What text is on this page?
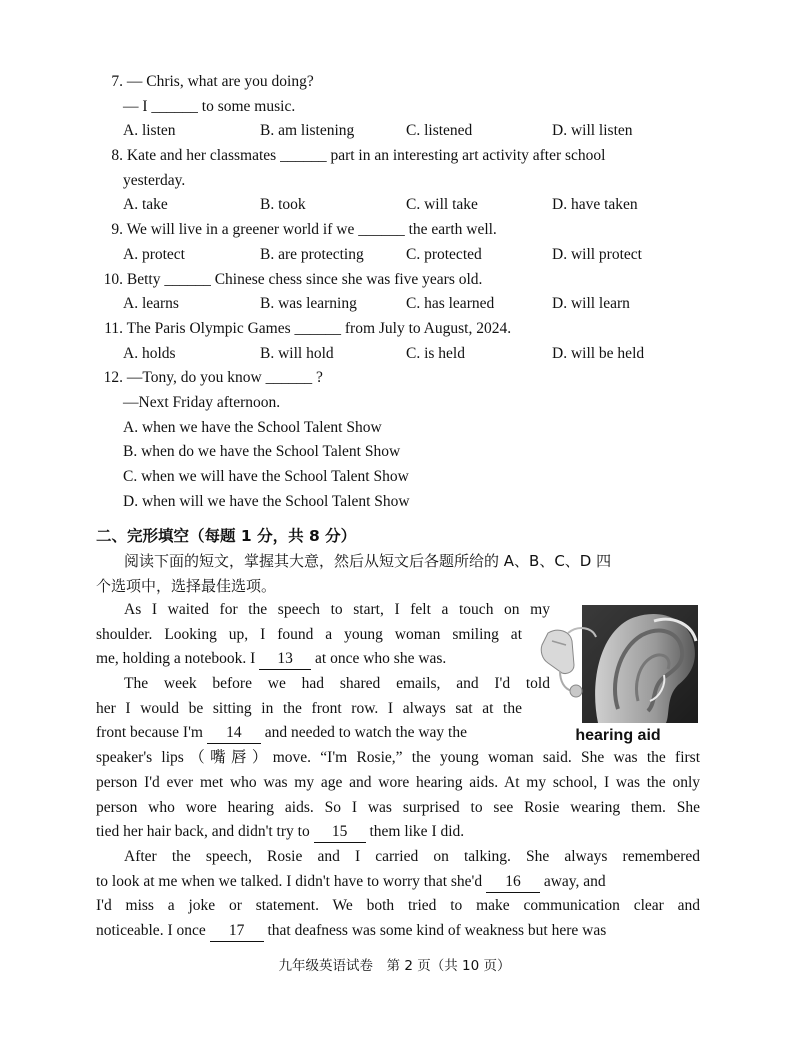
7. — Chris, what are you doing?
— I ______ to some music.
A. listen	B. am listening	C. listened	D. will listen
8. Kate and her classmates ______ part in an interesting art activity after school
yesterday.
A. take	B. took	C. will take	D. have taken
9. We will live in a greener world if we ______ the earth well.
A. protect	B. are protecting	C. protected	D. will protect
10. Betty ______ Chinese chess since she was five years old.
A. learns	B. was learning	C. has learned	D. will learn
11. The Paris Olympic Games ______ from July to August, 2024.
A. holds	B. will hold	C. is held	D. will be held
12. —Tony, do you know ______ ?
—Next Friday afternoon.
A. when we have the School Talent Show
B. when do we have the School Talent Show
C. when we will have the School Talent Show
D. when will we have the School Talent Show
二、完形填空（每题 1 分，共 8 分）
阅读下面的短文，掌握其大意，然后从短文后各题所给的 A、B、C、D 四
个选项中，选择最佳选项。
hearing aid
As I waited for the speech to start, I felt a touch on my
shoulder. Looking up, I found a young woman smiling at
me, holding a notebook. I 13 at once who she was.
The week before we had shared emails, and I'd told
her I would be sitting in the front row. I always sat at the
front because I'm 14 and needed to watch the way the
speaker's lips（嘴唇）move. “I'm Rosie,” the young woman said. She was the first
person I'd ever met who was my age and wore hearing aids. At my school, I was the only
person who wore hearing aids. So I was surprised to see Rosie wearing them. She
tied her hair back, and didn't try to 15 them like I did.
After the speech, Rosie and I carried on talking. She always remembered
to look at me when we talked. I didn't have to worry that she'd 16 away, and
I'd miss a joke or statement. We both tried to make communication clear and
noticeable. I once 17 that deafness was some kind of weakness but here was
九年级英语试卷　第 2 页（共 10 页）
